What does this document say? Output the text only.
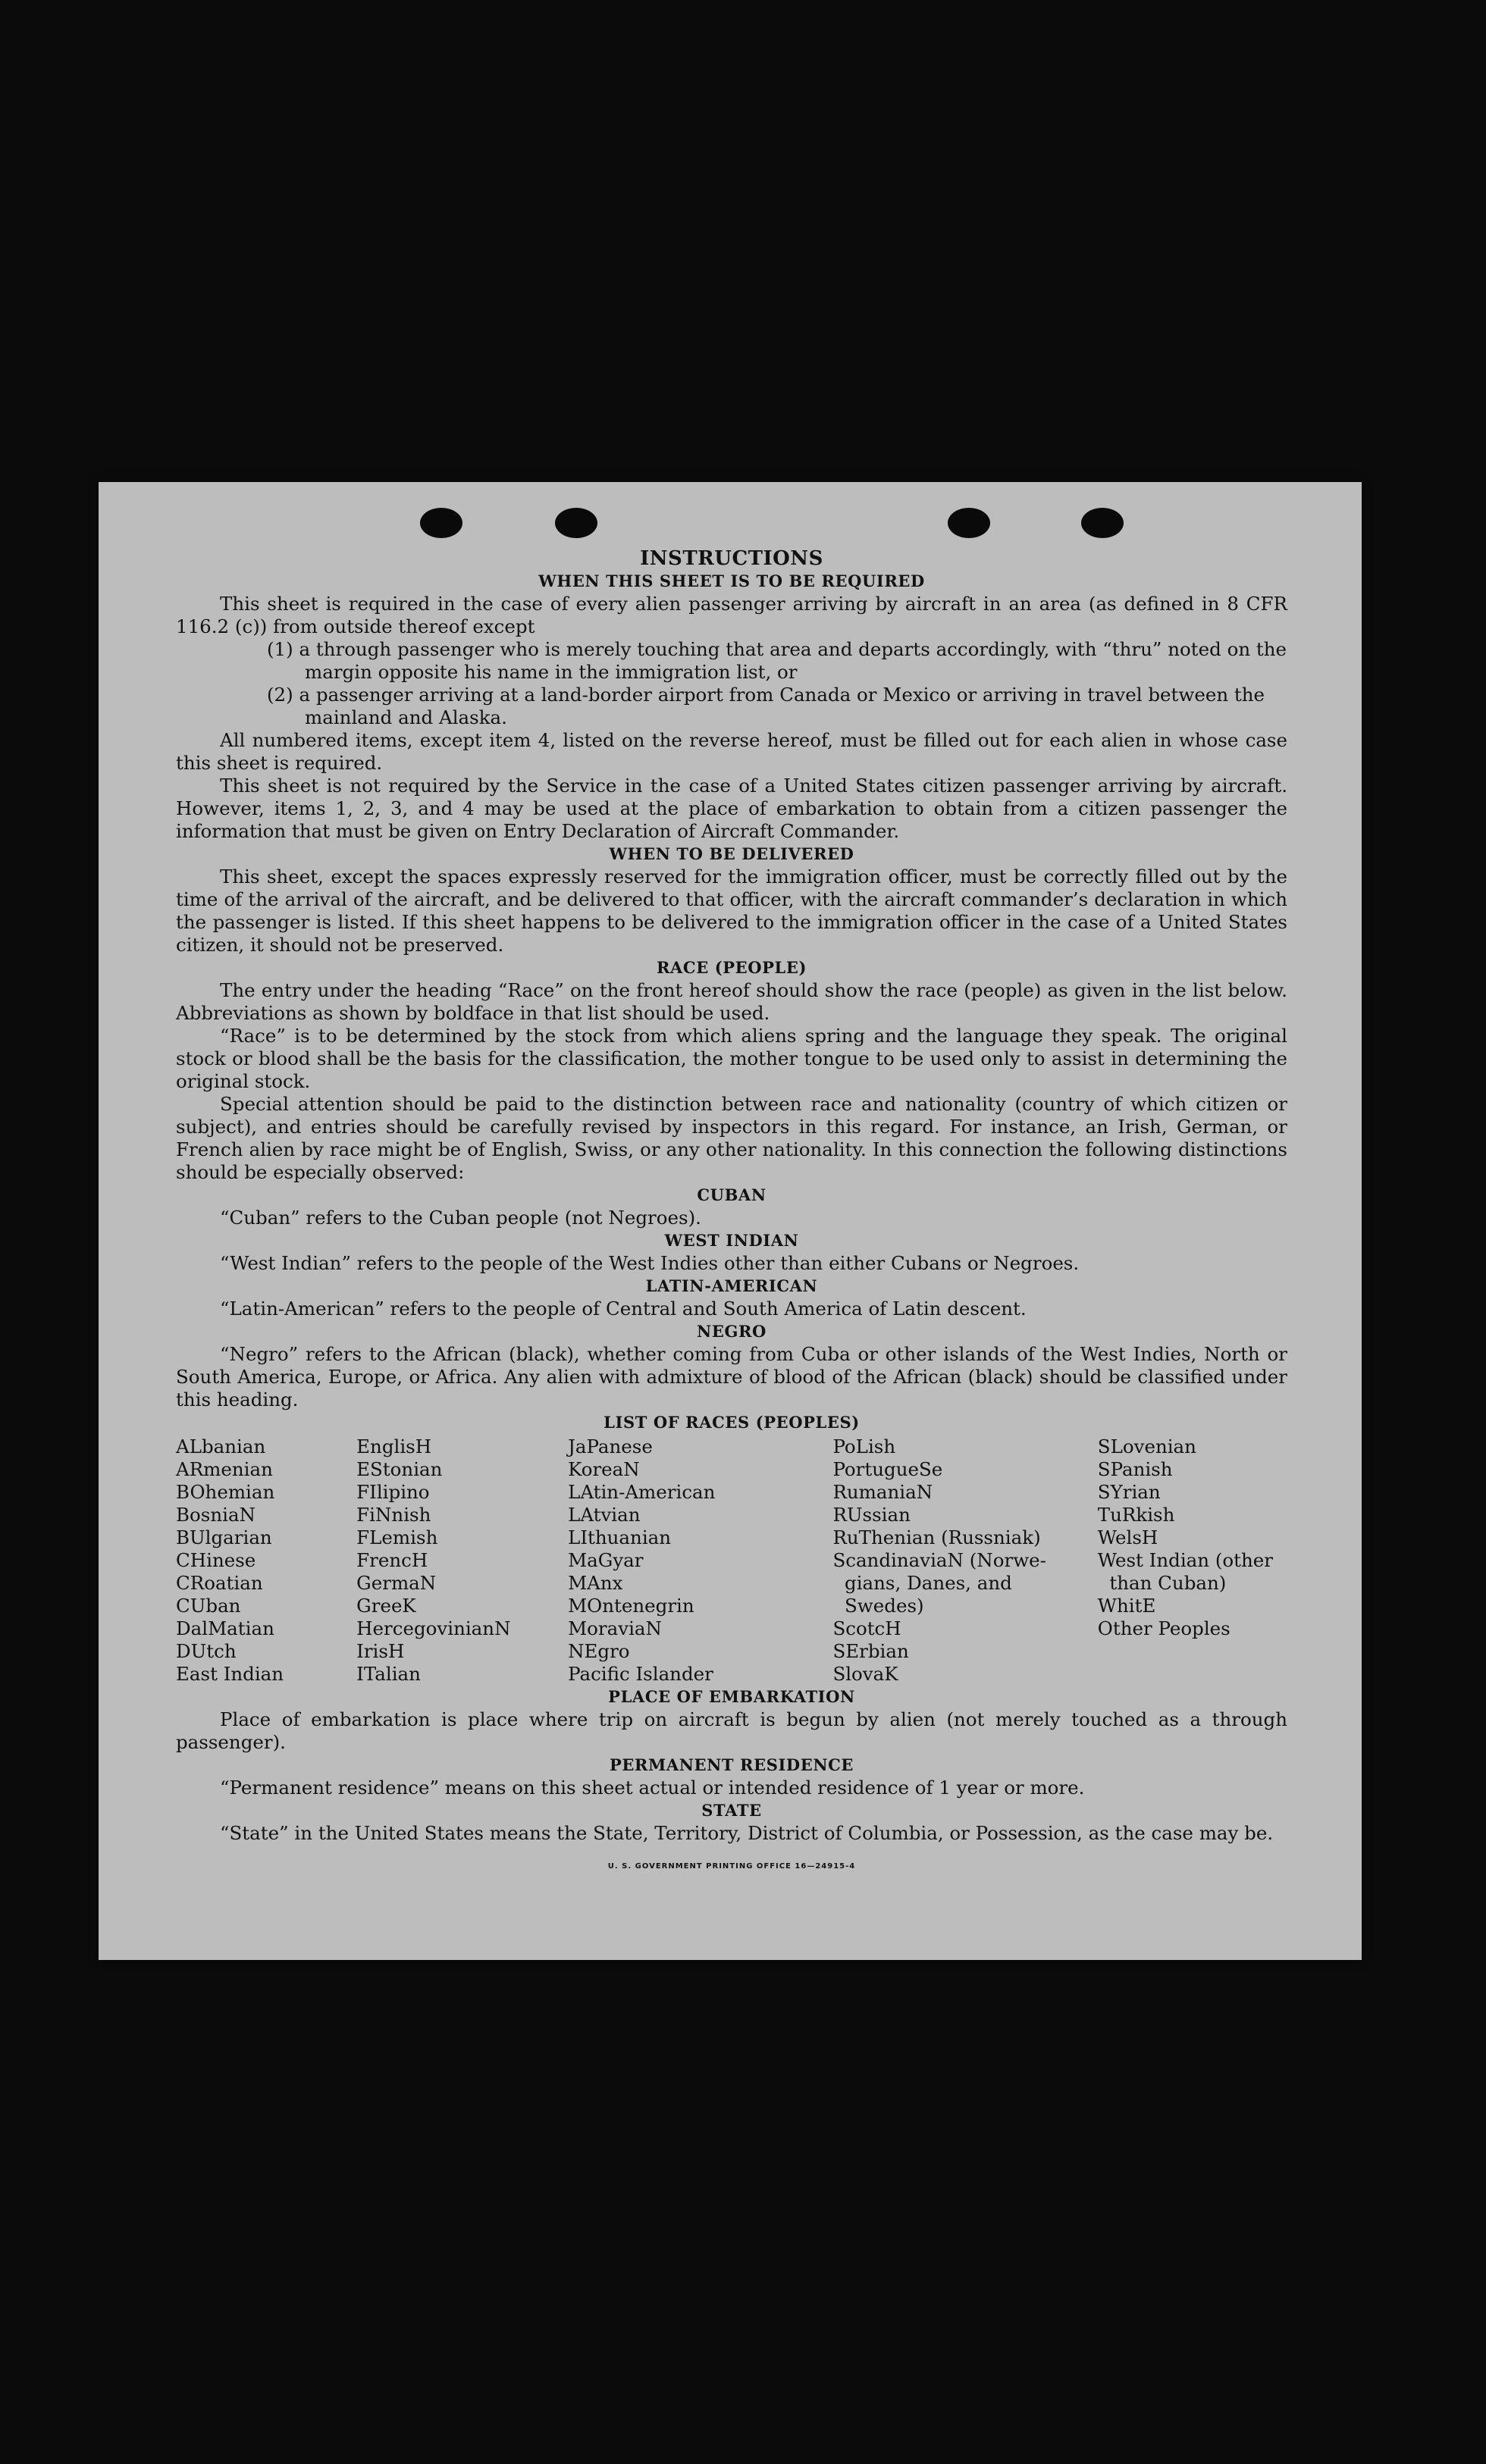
INSTRUCTIONS
WHEN THIS SHEET IS TO BE REQUIRED

This sheet is required in the case of every alien passenger arriving by aircraft in an area (as defined in 8 CFR 116.2 (c)) from outside thereof except

(1) a through passenger who is merely touching that area and departs accordingly, with “thru” noted on the margin opposite his name in the immigration list, or

(2) a passenger arriving at a land-border airport from Canada or Mexico or arriving in travel between the mainland and Alaska.

All numbered items, except item 4, listed on the reverse hereof, must be filled out for each alien in whose case this sheet is required.

This sheet is not required by the Service in the case of a United States citizen passenger arriving by aircraft. However, items 1, 2, 3, and 4 may be used at the place of embarkation to obtain from a citizen passenger the information that must be given on Entry Declaration of Aircraft Commander.

WHEN TO BE DELIVERED

This sheet, except the spaces expressly reserved for the immigration officer, must be correctly filled out by the time of the arrival of the aircraft, and be delivered to that officer, with the aircraft commander’s declaration in which the passenger is listed. If this sheet happens to be delivered to the immigration officer in the case of a United States citizen, it should not be preserved.

RACE (PEOPLE)

The entry under the heading “Race” on the front hereof should show the race (people) as given in the list below. Abbreviations as shown by boldface in that list should be used.

“Race” is to be determined by the stock from which aliens spring and the language they speak. The original stock or blood shall be the basis for the classification, the mother tongue to be used only to assist in determining the original stock.

Special attention should be paid to the distinction between race and nationality (country of which citizen or subject), and entries should be carefully revised by inspectors in this regard. For instance, an Irish, German, or French alien by race might be of English, Swiss, or any other nationality. In this connection the following distinctions should be especially observed:

CUBAN

“Cuban” refers to the Cuban people (not Negroes).

WEST INDIAN

“West Indian” refers to the people of the West Indies other than either Cubans or Negroes.

LATIN-AMERICAN

“Latin-American” refers to the people of Central and South America of Latin descent.

NEGRO

“Negro” refers to the African (black), whether coming from Cuba or other islands of the West Indies, North or South America, Europe, or Africa. Any alien with admixture of blood of the African (black) should be classified under this heading.

LIST OF RACES (PEOPLES)
ALbanian
ARmenian
BOhemian
BosniaN
BUlgarian
CHinese
CRoatian
CUban
DalMatian
DUtch
East Indian
EnglisH
EStonian
FIlipino
FiNnish
FLemish
FrencH
GermaN
GreeK
HercegovinianN
IrisH
ITalian
JaPanese
KoreaN
LAtin-American
LAtvian
LIthuanian
MaGyar
MAnx
MOntenegrin
MoraviaN
NEgro
Pacific Islander
PoLish
PortugueSe
RumaniaN
RUssian
RuThenian (Russniak)
ScandinaviaN (Norwe-
gians, Danes, and
Swedes)
ScotcH
SErbian
SlovaK
SLovenian
SPanish
SYrian
TuRkish
WelsH
West Indian (other
than Cuban)
WhitE
Other Peoples
PLACE OF EMBARKATION

Place of embarkation is place where trip on aircraft is begun by alien (not merely touched as a through passenger).

PERMANENT RESIDENCE

“Permanent residence” means on this sheet actual or intended residence of 1 year or more.

STATE

“State” in the United States means the State, Territory, District of Columbia, or Possession, as the case may be.

U. S. GOVERNMENT PRINTING OFFICE 16—24915-4
